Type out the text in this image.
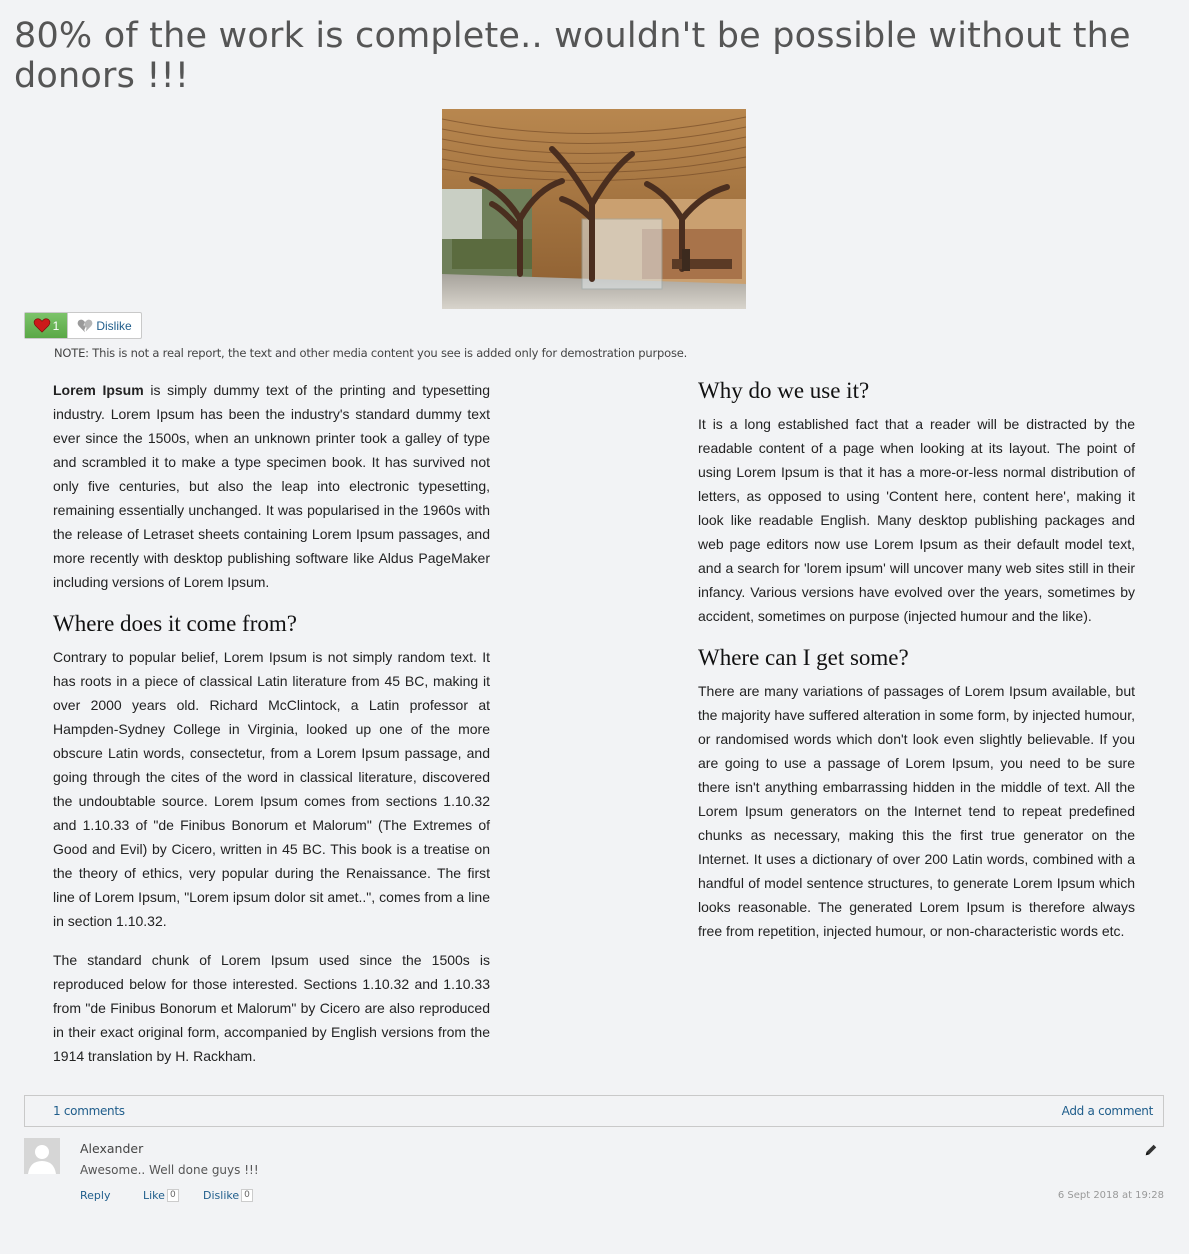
80% of the work is complete.. wouldn't be possible without the donors !!!
1	Dislike
NOTE: This is not a real report, the text and other media content you see is added only for demostration purpose.

Lorem Ipsum is simply dummy text of the printing and typesetting industry. Lorem Ipsum has been the industry's standard dummy text ever since the 1500s, when an unknown printer took a galley of type and scrambled it to make a type specimen book. It has survived not only five centuries, but also the leap into electronic typesetting, remaining essentially unchanged. It was popularised in the 1960s with the release of Letraset sheets containing Lorem Ipsum passages, and more recently with desktop publishing software like Aldus PageMaker including versions of Lorem Ipsum.

Where does it come from?

Contrary to popular belief, Lorem Ipsum is not simply random text. It has roots in a piece of classical Latin literature from 45 BC, making it over 2000 years old. Richard McClintock, a Latin professor at Hampden-Sydney College in Virginia, looked up one of the more obscure Latin words, consectetur, from a Lorem Ipsum passage, and going through the cites of the word in classical literature, discovered the undoubtable source. Lorem Ipsum comes from sections 1.10.32 and 1.10.33 of "de Finibus Bonorum et Malorum" (The Extremes of Good and Evil) by Cicero, written in 45 BC. This book is a treatise on the theory of ethics, very popular during the Renaissance. The first line of Lorem Ipsum, "Lorem ipsum dolor sit amet..", comes from a line in section 1.10.32.

The standard chunk of Lorem Ipsum used since the 1500s is reproduced below for those interested. Sections 1.10.32 and 1.10.33 from "de Finibus Bonorum et Malorum" by Cicero are also reproduced in their exact original form, accompanied by English versions from the 1914 translation by H. Rackham.

Why do we use it?

It is a long established fact that a reader will be distracted by the readable content of a page when looking at its layout. The point of using Lorem Ipsum is that it has a more-or-less normal distribution of letters, as opposed to using 'Content here, content here', making it look like readable English. Many desktop publishing packages and web page editors now use Lorem Ipsum as their default model text, and a search for 'lorem ipsum' will uncover many web sites still in their infancy. Various versions have evolved over the years, sometimes by accident, sometimes on purpose (injected humour and the like).

Where can I get some?

There are many variations of passages of Lorem Ipsum available, but the majority have suffered alteration in some form, by injected humour, or randomised words which don't look even slightly believable. If you are going to use a passage of Lorem Ipsum, you need to be sure there isn't anything embarrassing hidden in the middle of text. All the Lorem Ipsum generators on the Internet tend to repeat predefined chunks as necessary, making this the first true generator on the Internet. It uses a dictionary of over 200 Latin words, combined with a handful of model sentence structures, to generate Lorem Ipsum which looks reasonable. The generated Lorem Ipsum is therefore always free from repetition, injected humour, or non-characteristic words etc.

1 comments	Add a comment
Alexander
Awesome.. Well done guys !!!
Reply	Like 0 Dislike 0	6 Sept 2018 at 19:28
